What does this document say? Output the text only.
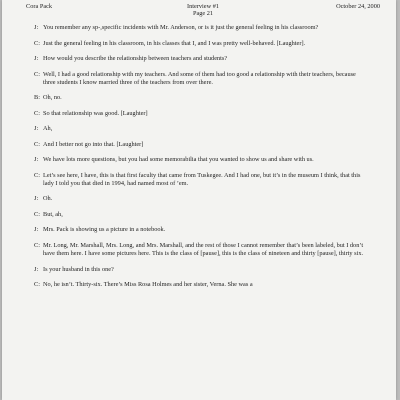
Cora Pack	Interview #1
Page 21
October 24, 2000
J: You remember any sp-,specific incidents with Mr. Anderson, or is it just the general feeling in his classroom?
C: Just the general feeling in his classroom, in his classes that I, and I was pretty well-behaved. [Laughter].
J: How would you describe the relationship between teachers and students?
C: Well, I had a good relationship with my teachers. And some of them had too good a relationship with their teachers, because three students I know married three of the teachers from over there.
B: Oh, no.
C: So that relationship was good. [Laughter]
J: Ah,
C: And I better not go into that. [Laughter]
J: We have lots more questions, but you had some memorabilia that you wanted to show us and share with us.
C: Let’s see here, I have, this is that first faculty that came from Tuskegee. And I had one, but it’s in the museum I think, that this lady I told you that died in 1994, had named most of ’em.
J: Oh.
C: But, ah,
J: Mrs. Pack is showing us a picture in a notebook.
C: Mr. Long, Mr. Marshall, Mrs. Long, and Mrs. Marshall, and the rest of those I cannot remember that’s been labeled, but I don’t have them here. I have some pictures here. This is the class of [pause], this is the class of nineteen and thirty [pause], thirty six.
J: Is your husband in this one?
C: No, he isn’t. Thirty-six. There’s Miss Rosa Holmes and her sister, Verna. She was a
